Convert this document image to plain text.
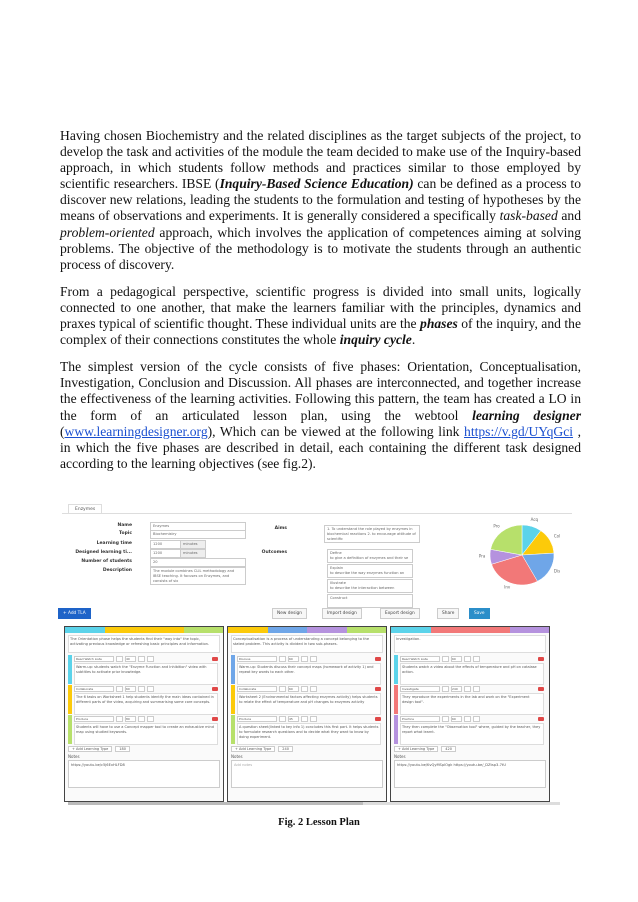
Having chosen Biochemistry and the related disciplines as the target subjects of the project, to develop the task and activities of the module the team decided to make use of the Inquiry-based approach, in which students follow methods and practices similar to those employed by scientific researchers. IBSE (Inquiry-Based Science Education) can be defined as a process to discover new relations, leading the students to the formulation and testing of hypotheses by the means of observations and experiments. It is generally considered a specifically task-based and problem-oriented approach, which involves the application of competences aiming at solving problems. The objective of the methodology is to motivate the students through an authentic process of discovery.

From a pedagogical perspective, scientific progress is divided into small units, logically connected to one another, that make the learners familiar with the principles, dynamics and praxes typical of scientific thought. These individual units are the phases of the inquiry, and the complex of their connections constitutes the whole inquiry cycle.

The simplest version of the cycle consists of five phases: Orientation, Conceptualisation, Investigation, Conclusion and Discussion. All phases are interconnected, and together increase the effectiveness of the learning activities. Following this pattern, the team has created a LO in the form of an articulated lesson plan, using the webtool learning designer (www.learningdesigner.org), Which can be viewed at the following link https://v.gd/UYqGci , in which the five phases are described in detail, each containing the different task designed according to the learning objectives (see fig.2).

Enzymes
Name	Enzymes
Topic	Biochemistry
Learning time	1200	minutes
Designed learning ti...	1200	minutes
Number of students	20
Description	The module combines CLIL methodology and IBSE teaching. It focuses on Enzymes, and consists of six
Aims	1. To understand the role played by enzymes in biochemical reactions 2. to encourage attitude of scientific
Outcomes	Define
to give a definition of enzymes and their se
Explain
to describe the way enzymes function an
Illustrate
to describe the interaction between
Construct

Acq
Col
Dis
Inv
Pra
Pro
+ Add TLA	New design	Import design	Export design	Share	Save
The Orientation phase helps the students find their "way into" the topic, activating previous knowledge or refreshing basic principles and information.
Read Watch Liste	40
Warm-up: students watch the "Enzyme Function and Inhibition" video with subtitles to activate prior knowledge.
Collaborate	60
The 6 tasks on Worksheet 1 help students identify the main ideas contained in different parts of the video, acquiring and summarising some core concepts.
Produce	80
Students will have to use a Concept mapper tool to create an exhaustive mind map using studied keywords.
+ Add Learning Type	180
Notes
https://youtu.be/c5j6ExHLFD8
Conceptualisation is a process of understanding a concept belonging to the stated problem. This activity is divided in two sub-phases.
Discuss	60
Warm-up: Students discuss their concept maps (homework of activity 1) and repeat key words to each other.
Collaborate	60
Worksheet 2 (Environmental factors affecting enzymes activity) helps students to relate the effect of temperature and pH changes to enzymes activity
Produce	45
A question sheet(linked to key info 1) concludes this first part. It helps students to formulate research questions and to decide what they want to know by doing experiment.
+ Add Learning Type	240
Notes
Add notes
Investigation.
Read Watch Liste	60
Students watch a video about the effects of temperature and pH on catalase action.
Investigate	240
They reproduce the experiments in the lab and work on the "Experiment design tool".
Practice	60
They then complete the "Observation tool" where, guided by the teacher, they report what learnt.
+ Add Learning Type	420
Notes
https://youtu.be/KvQyMSplOgk https://youtu.be/_DZtsp3-7tU
Fig. 2 Lesson Plan
